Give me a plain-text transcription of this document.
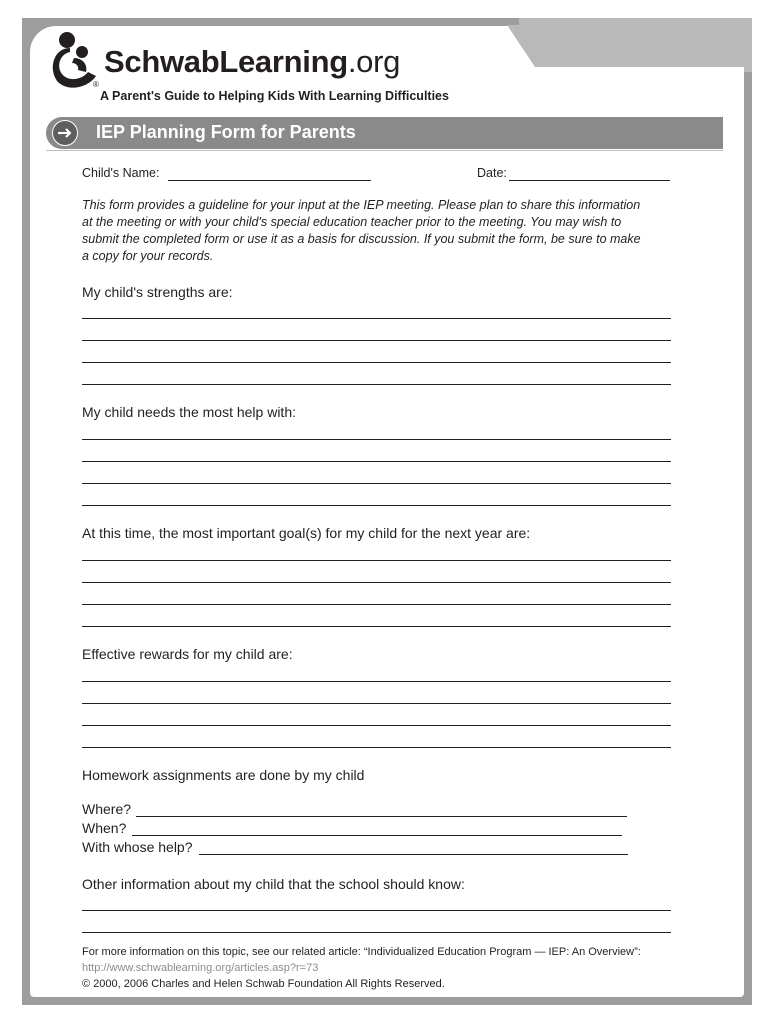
SchwabLearning.org
®
A Parent's Guide to Helping Kids With Learning Difficulties
IEP Planning Form for Parents
Child's Name:	Date:
This form provides a guideline for your input at the IEP meeting. Please plan to share this information at the meeting or with your child's special education teacher prior to the meeting. You may wish to submit the completed form or use it as a basis for discussion. If you submit the form, be sure to make a copy for your records.
My child's strengths are:
My child needs the most help with:
At this time, the most important goal(s) for my child for the next year are:
Effective rewards for my child are:
Homework assignments are done by my child
Where?
When?
With whose help?
Other information about my child that the school should know:
For more information on this topic, see our related article: “Individualized Education Program — IEP: An Overview”:
http://www.schwablearning.org/articles.asp?r=73
© 2000, 2006 Charles and Helen Schwab Foundation All Rights Reserved.
